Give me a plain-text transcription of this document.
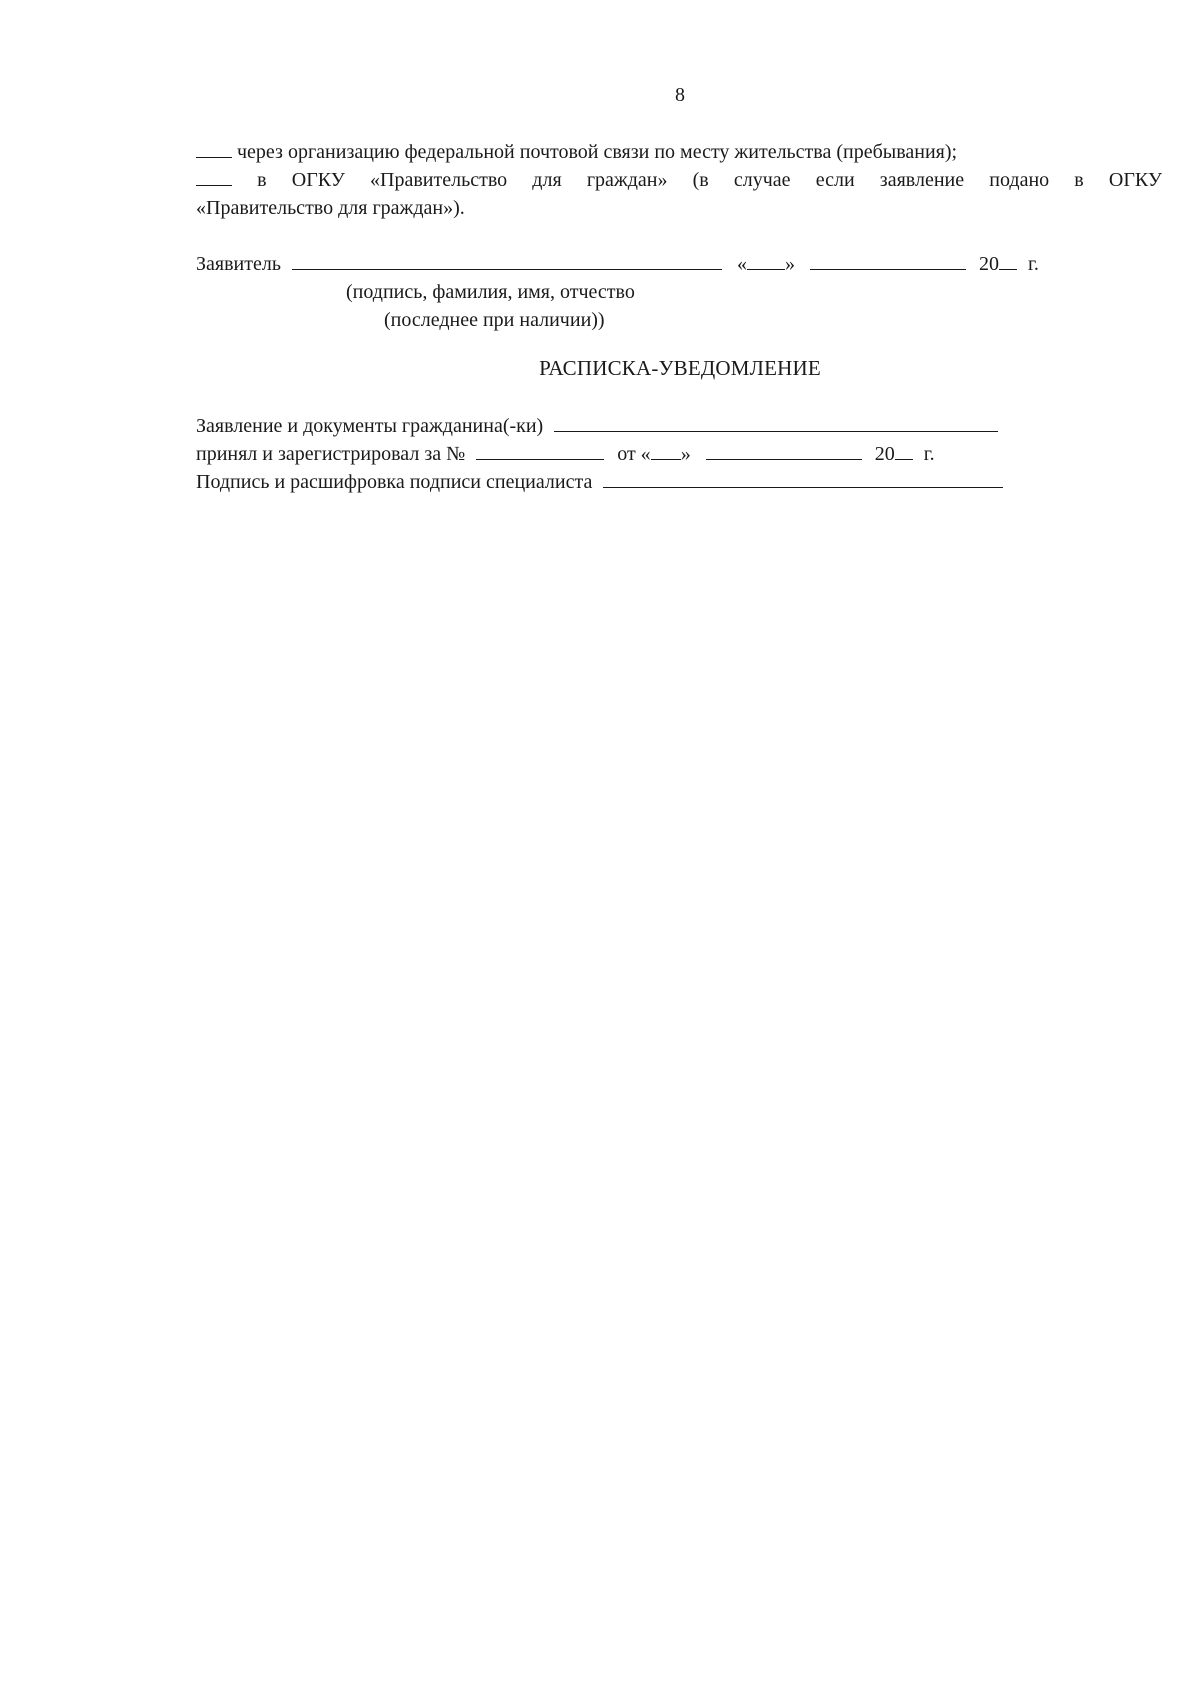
8
через организацию федеральной почтовой связи по месту жительства (пребывания);
в ОГКУ «Правительство для граждан» (в случае если заявление подано в ОГКУ
«Правительство для граждан»).
Заявитель	« »	20 г.
(подпись, фамилия, имя, отчество
(последнее при наличии))
РАСПИСКА-УВЕДОМЛЕНИЕ
Заявление и документы гражданина(-ки)
принял и зарегистрировал за №	от « »	20 г.
Подпись и расшифровка подписи специалиста
